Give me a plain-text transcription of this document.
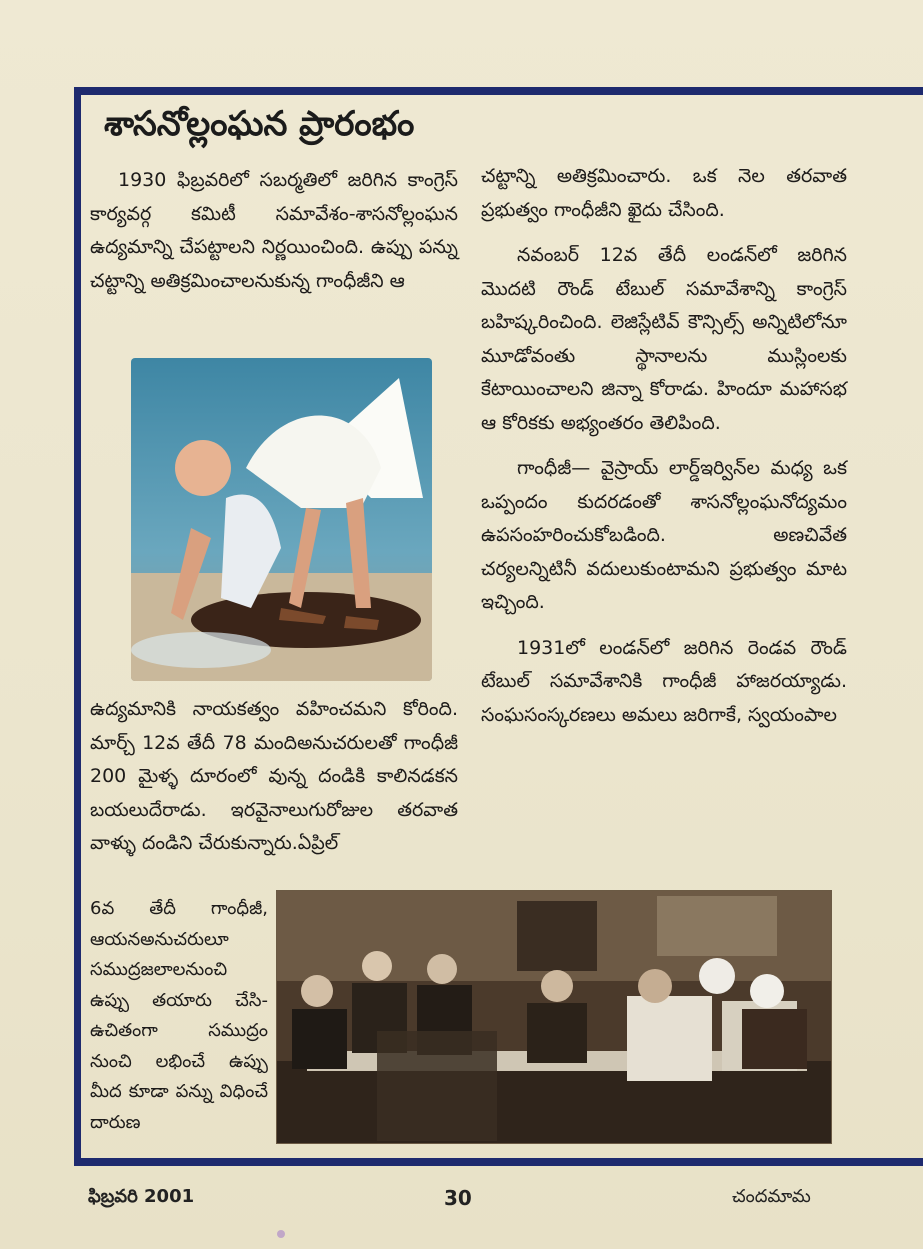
శాసనోల్లంఘన ప్రారంభం

1930 ఫిబ్రవరిలో సబర్మతిలో జరిగిన కాంగ్రెస్ కార్యవర్గ కమిటీ సమావేశం-శాసనోల్లంఘన ఉద్యమాన్ని చేపట్టాలని నిర్ణయించింది. ఉప్పు పన్ను చట్టాన్ని అతిక్రమించాలనుకున్న గాంధీజీని ఆ

ఉద్యమానికి నాయకత్వం వహించమని కోరింది. మార్చ్ 12వ తేదీ 78 మందిఅనుచరులతో గాంధీజీ 200 మైళ్ళ దూరంలో వున్న దండికి కాలినడకన బయలుదేరాడు. ఇరవైనాలుగురోజుల తరవాత వాళ్ళు దండిని చేరుకున్నారు.ఏప్రిల్

6వ తేదీ గాంధీజీ, ఆయనఅనుచరులూ సముద్రజలాలనుంచి ఉప్పు తయారు చేసి- ఉచితంగా సముద్రం నుంచి లభించే ఉప్పు మీద కూడా పన్ను విధించే దారుణ

చట్టాన్ని అతిక్రమించారు. ఒక నెల తరవాత ప్రభుత్వం గాంధీజీని ఖైదు చేసింది.

నవంబర్ 12వ తేదీ లండన్‌లో జరిగిన మొదటి రౌండ్ టేబుల్ సమావేశాన్ని కాంగ్రెస్ బహిష్కరించింది. లెజిస్లేటివ్ కౌన్సిల్స్ అన్నిటిలోనూ మూడోవంతు స్థానాలను ముస్లింలకు కేటాయించాలని జిన్నా కోరాడు. హిందూ మహాసభ ఆ కోరికకు అభ్యంతరం తెలిపింది.

గాంధీజీ— వైస్రాయ్ లార్డ్ఇర్విన్‌ల మధ్య ఒక ఒప్పందం కుదరడంతో శాసనోల్లంఘనోద్యమం ఉపసంహరించుకోబడింది. అణచివేత చర్యలన్నిటినీ వదులుకుంటామని ప్రభుత్వం మాట ఇచ్చింది.

1931లో లండన్‌లో జరిగిన రెండవ రౌండ్ టేబుల్ సమావేశానికి గాంధీజీ హాజరయ్యాడు. సంఘసంస్కరణలు అమలు జరిగాకే, స్వయంపాల

ఫిబ్రవరి 2001	30	చందమామ
